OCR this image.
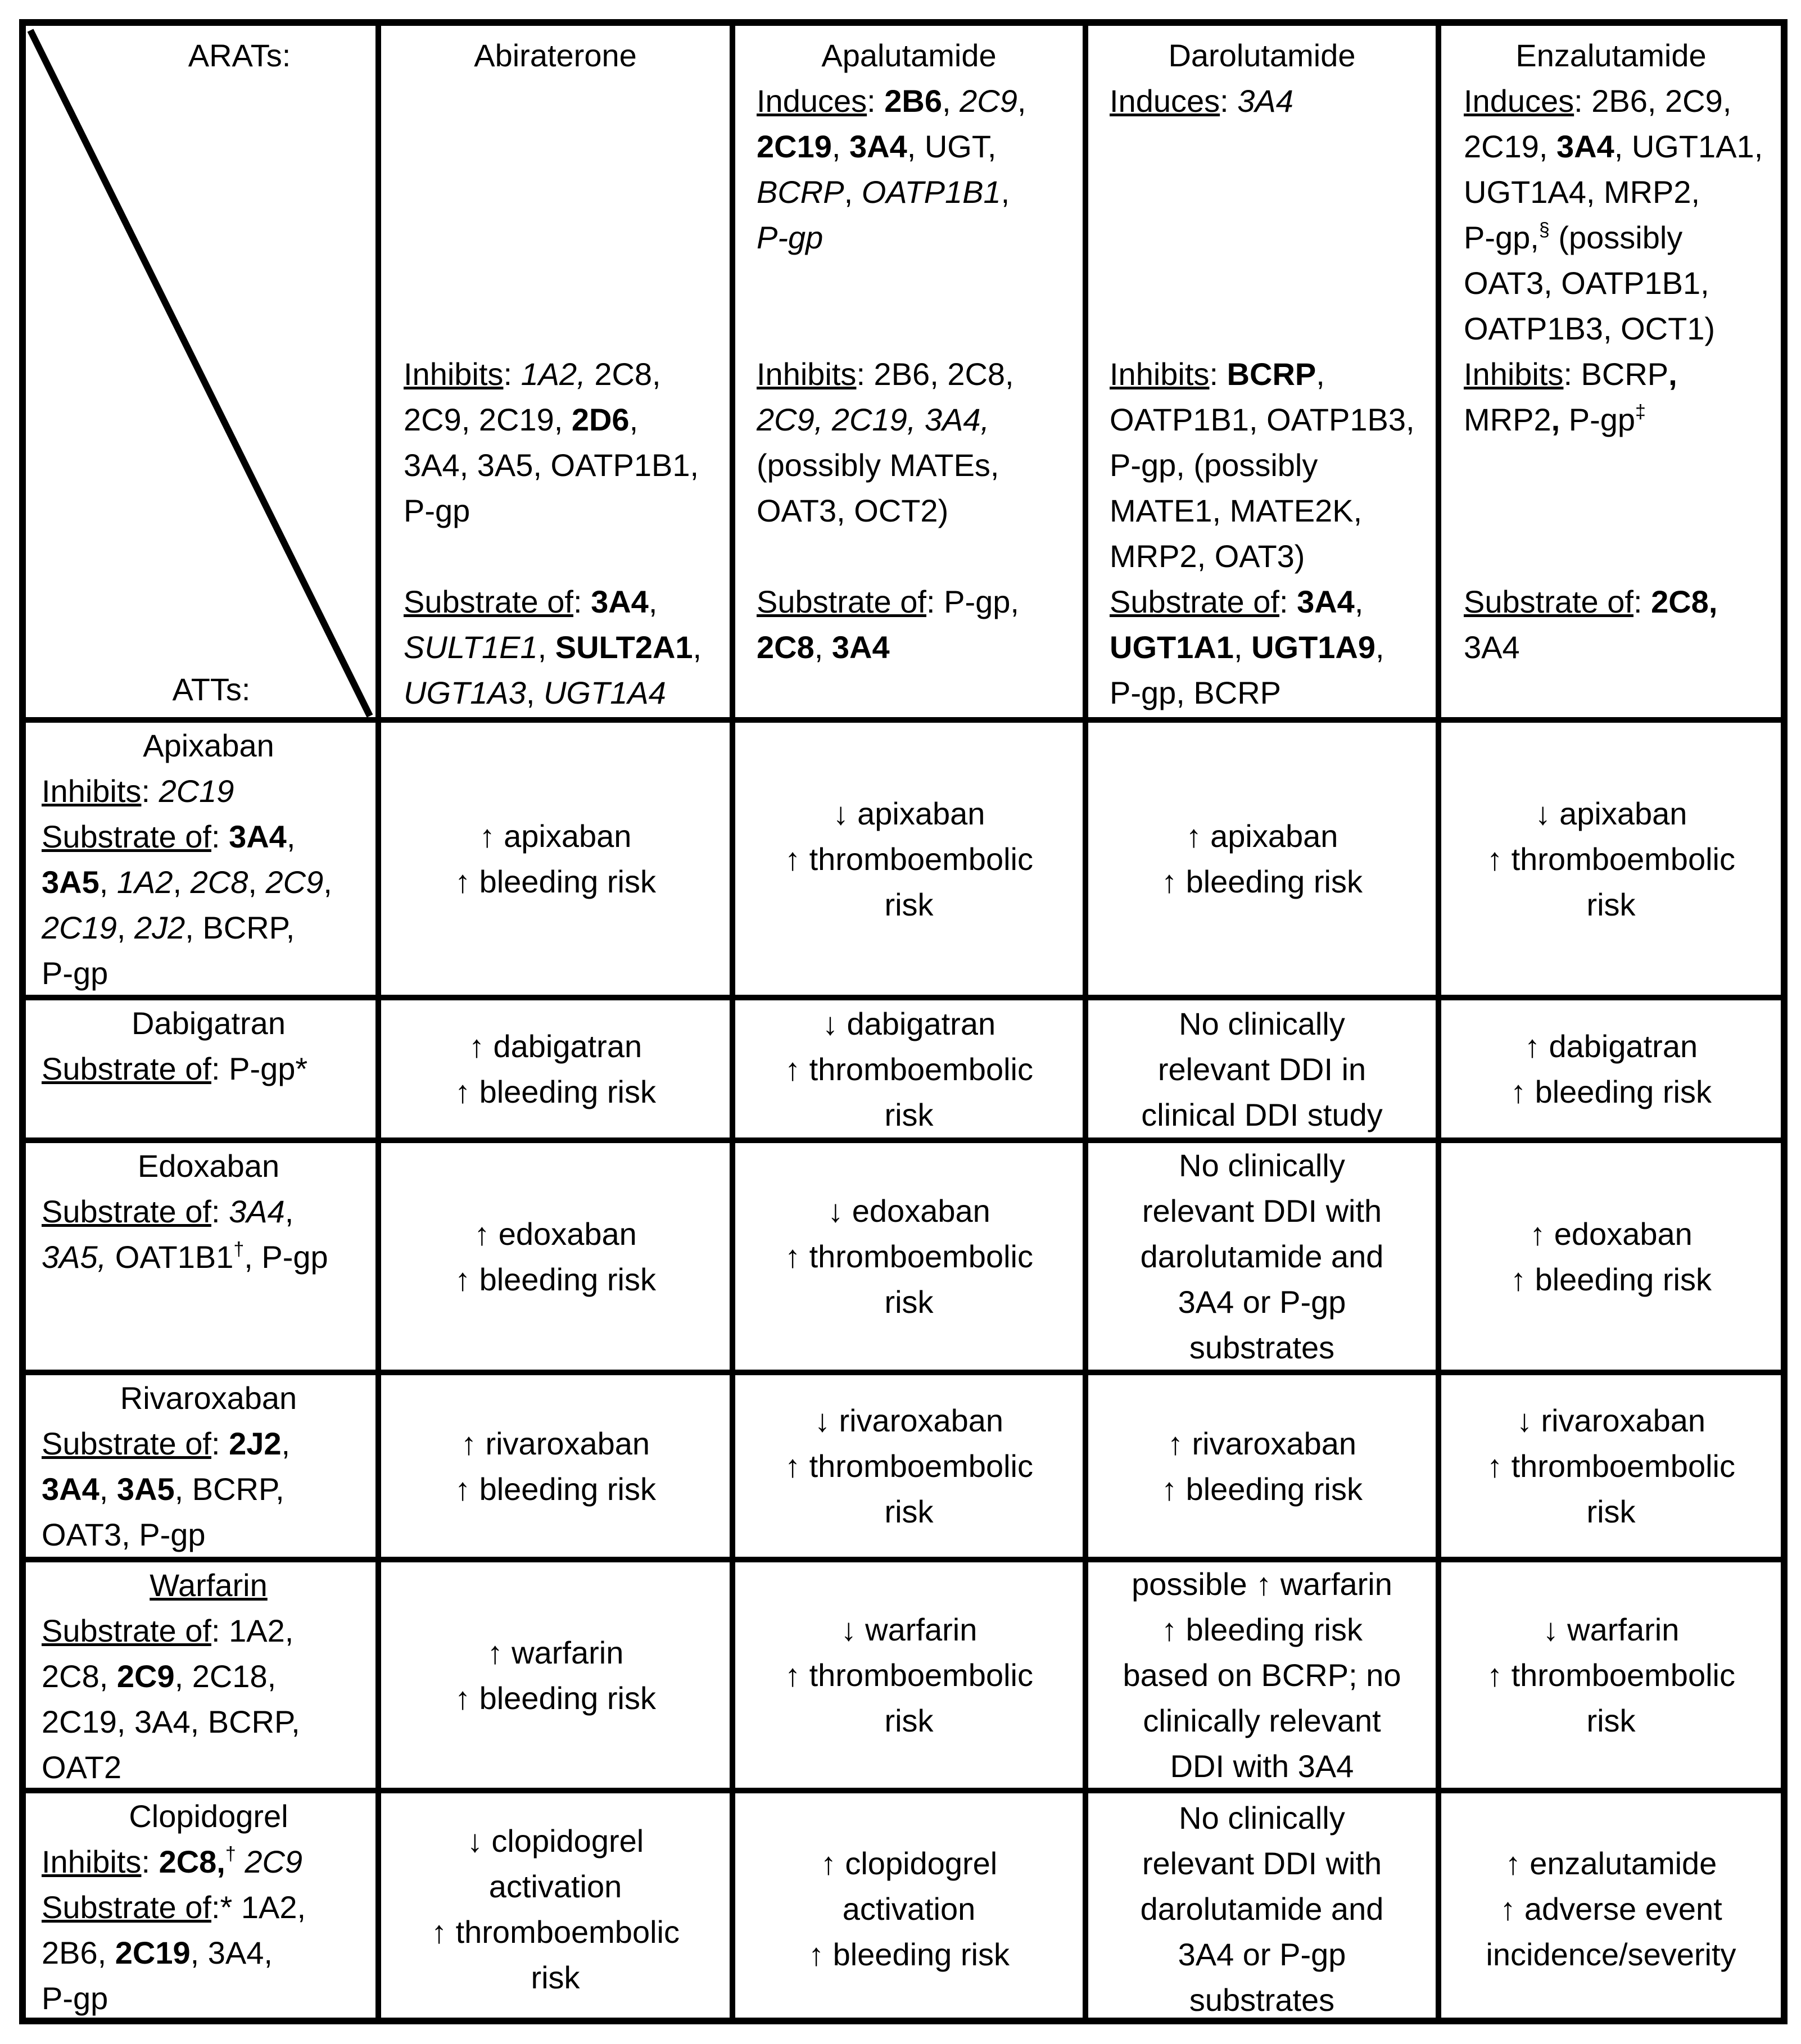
ARATs:
ATTs:
Abiraterone

Inhibits: 1A2, 2C8,
2C9, 2C19, 2D6,
3A4, 3A5, OATP1B1,
P-gp

Substrate of: 3A4,
SULT1E1, SULT2A1,
UGT1A3, UGT1A4
Apalutamide
Induces: 2B6, 2C9,
2C19, 3A4, UGT,
BCRP, OATP1B1,
P-gp

Inhibits: 2B6, 2C8,
2C9, 2C19, 3A4,
(possibly MATEs,
OAT3, OCT2)

Substrate of: P-gp,
2C8, 3A4

Darolutamide
Induces: 3A4

Inhibits: BCRP,
OATP1B1, OATP1B3,
P-gp, (possibly
MATE1, MATE2K,
MRP2, OAT3)
Substrate of: 3A4,
UGT1A1, UGT1A9,
P-gp, BCRP
Enzalutamide
Induces: 2B6, 2C9,
2C19, 3A4, UGT1A1,
UGT1A4, MRP2,
P-gp,§ (possibly
OAT3, OATP1B1,
OATP1B3, OCT1)
Inhibits: BCRP,
MRP2, P-gp‡

Substrate of: 2C8,
3A4

Apixaban
Inhibits: 2C19
Substrate of: 3A4,
3A5, 1A2, 2C8, 2C9,
2C19, 2J2, BCRP,
P-gp
↑ apixaban
↑ bleeding risk
↓ apixaban
↑ thromboembolic
risk
↑ apixaban
↑ bleeding risk
↓ apixaban
↑ thromboembolic
risk
Dabigatran
Substrate of: P-gp*
↑ dabigatran
↑ bleeding risk
↓ dabigatran
↑ thromboembolic
risk
No clinically
relevant DDI in
clinical DDI study
↑ dabigatran
↑ bleeding risk
Edoxaban
Substrate of: 3A4,
3A5, OAT1B1†, P-gp
↑ edoxaban
↑ bleeding risk
↓ edoxaban
↑ thromboembolic
risk
No clinically
relevant DDI with
darolutamide and
3A4 or P-gp
substrates
↑ edoxaban
↑ bleeding risk
Rivaroxaban
Substrate of: 2J2,
3A4, 3A5, BCRP,
OAT3, P-gp
↑ rivaroxaban
↑ bleeding risk
↓ rivaroxaban
↑ thromboembolic
risk
↑ rivaroxaban
↑ bleeding risk
↓ rivaroxaban
↑ thromboembolic
risk
Warfarin
Substrate of: 1A2,
2C8, 2C9, 2C18,
2C19, 3A4, BCRP,
OAT2
↑ warfarin
↑ bleeding risk
↓ warfarin
↑ thromboembolic
risk
possible ↑ warfarin
↑ bleeding risk
based on BCRP; no
clinically relevant
DDI with 3A4
↓ warfarin
↑ thromboembolic
risk
Clopidogrel
Inhibits: 2C8,† 2C9
Substrate of:* 1A2,
2B6, 2C19, 3A4,
P-gp
↓ clopidogrel
activation
↑ thromboembolic
risk
↑ clopidogrel
activation
↑ bleeding risk
No clinically
relevant DDI with
darolutamide and
3A4 or P-gp
substrates
↑ enzalutamide
↑ adverse event
incidence/severity
